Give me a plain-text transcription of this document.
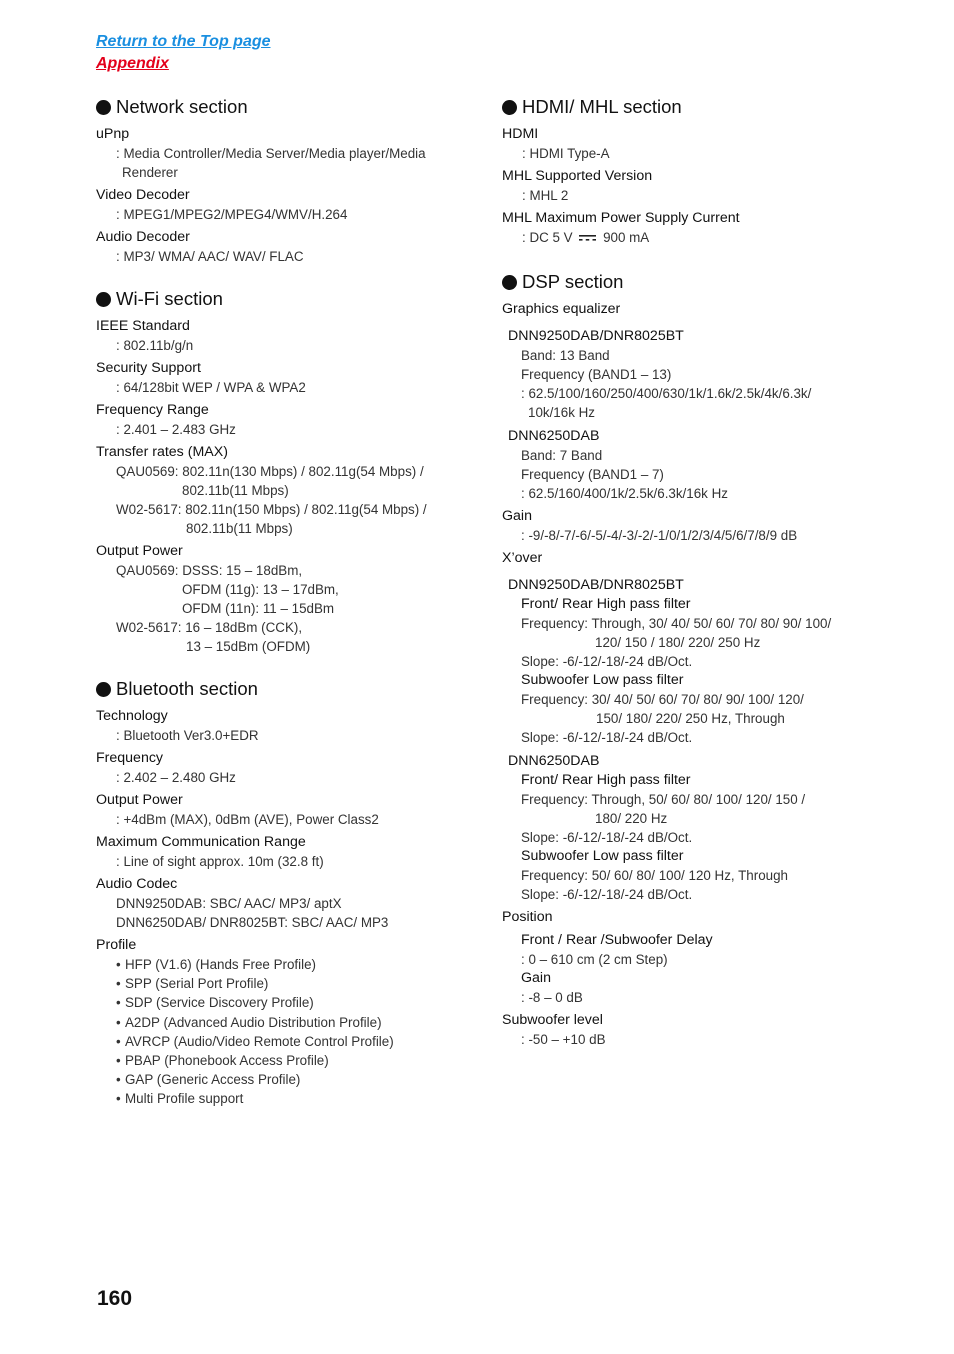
Return to the Top page
Appendix
Network section
uPnp
: Media Controller/Media Server/Media player/Media
Renderer
Video Decoder
: MPEG1/MPEG2/MPEG4/WMV/H.264
Audio Decoder
: MP3/ WMA/ AAC/ WAV/ FLAC
Wi-Fi section
IEEE Standard
: 802.11b/g/n
Security Support
: 64/128bit WEP / WPA & WPA2
Frequency Range
: 2.401 – 2.483 GHz
Transfer rates (MAX)
QAU0569: 802.11n(130 Mbps) / 802.11g(54 Mbps) /
802.11b(11 Mbps)
W02-5617: 802.11n(150 Mbps) / 802.11g(54 Mbps) /
802.11b(11 Mbps)
Output Power
QAU0569: DSSS: 15 – 18dBm,
OFDM (11g): 13 – 17dBm,
OFDM (11n): 11 – 15dBm
W02-5617: 16 – 18dBm (CCK),
13 – 15dBm (OFDM)
Bluetooth section
Technology
: Bluetooth Ver3.0+EDR
Frequency
: 2.402 – 2.480 GHz
Output Power
: +4dBm (MAX), 0dBm (AVE), Power Class2
Maximum Communication Range
: Line of sight approx. 10m (32.8 ft)
Audio Codec
DNN9250DAB: SBC/ AAC/ MP3/ aptX
DNN6250DAB/ DNR8025BT: SBC/ AAC/ MP3
Profile
• HFP (V1.6) (Hands Free Profile)
• SPP (Serial Port Profile)
• SDP (Service Discovery Profile)
• A2DP (Advanced Audio Distribution Profile)
• AVRCP (Audio/Video Remote Control Profile)
• PBAP (Phonebook Access Profile)
• GAP (Generic Access Profile)
• Multi Profile support
HDMI/ MHL section
HDMI
: HDMI Type-A
MHL Supported Version
: MHL 2
MHL Maximum Power Supply Current
: DC 5 V 900 mA
DSP section
Graphics equalizer
DNN9250DAB/DNR8025BT
Band: 13 Band
Frequency (BAND1 – 13)
: 62.5/100/160/250/400/630/1k/1.6k/2.5k/4k/6.3k/
10k/16k Hz
DNN6250DAB
Band: 7 Band
Frequency (BAND1 – 7)
: 62.5/160/400/1k/2.5k/6.3k/16k Hz
Gain
: -9/-8/-7/-6/-5/-4/-3/-2/-1/0/1/2/3/4/5/6/7/8/9 dB
X’over
DNN9250DAB/DNR8025BT
Front/ Rear High pass filter
Frequency: Through, 30/ 40/ 50/ 60/ 70/ 80/ 90/ 100/
120/ 150 / 180/ 220/ 250 Hz
Slope: -6/-12/-18/-24 dB/Oct.
Subwoofer Low pass filter
Frequency: 30/ 40/ 50/ 60/ 70/ 80/ 90/ 100/ 120/
150/ 180/ 220/ 250 Hz, Through
Slope: -6/-12/-18/-24 dB/Oct.
DNN6250DAB
Front/ Rear High pass filter
Frequency: Through, 50/ 60/ 80/ 100/ 120/ 150 /
180/ 220 Hz
Slope: -6/-12/-18/-24 dB/Oct.
Subwoofer Low pass filter
Frequency: 50/ 60/ 80/ 100/ 120 Hz, Through
Slope: -6/-12/-18/-24 dB/Oct.
Position
Front / Rear /Subwoofer Delay
: 0 – 610 cm (2 cm Step)
Gain
: -8 – 0 dB
Subwoofer level
: -50 – +10 dB
160
